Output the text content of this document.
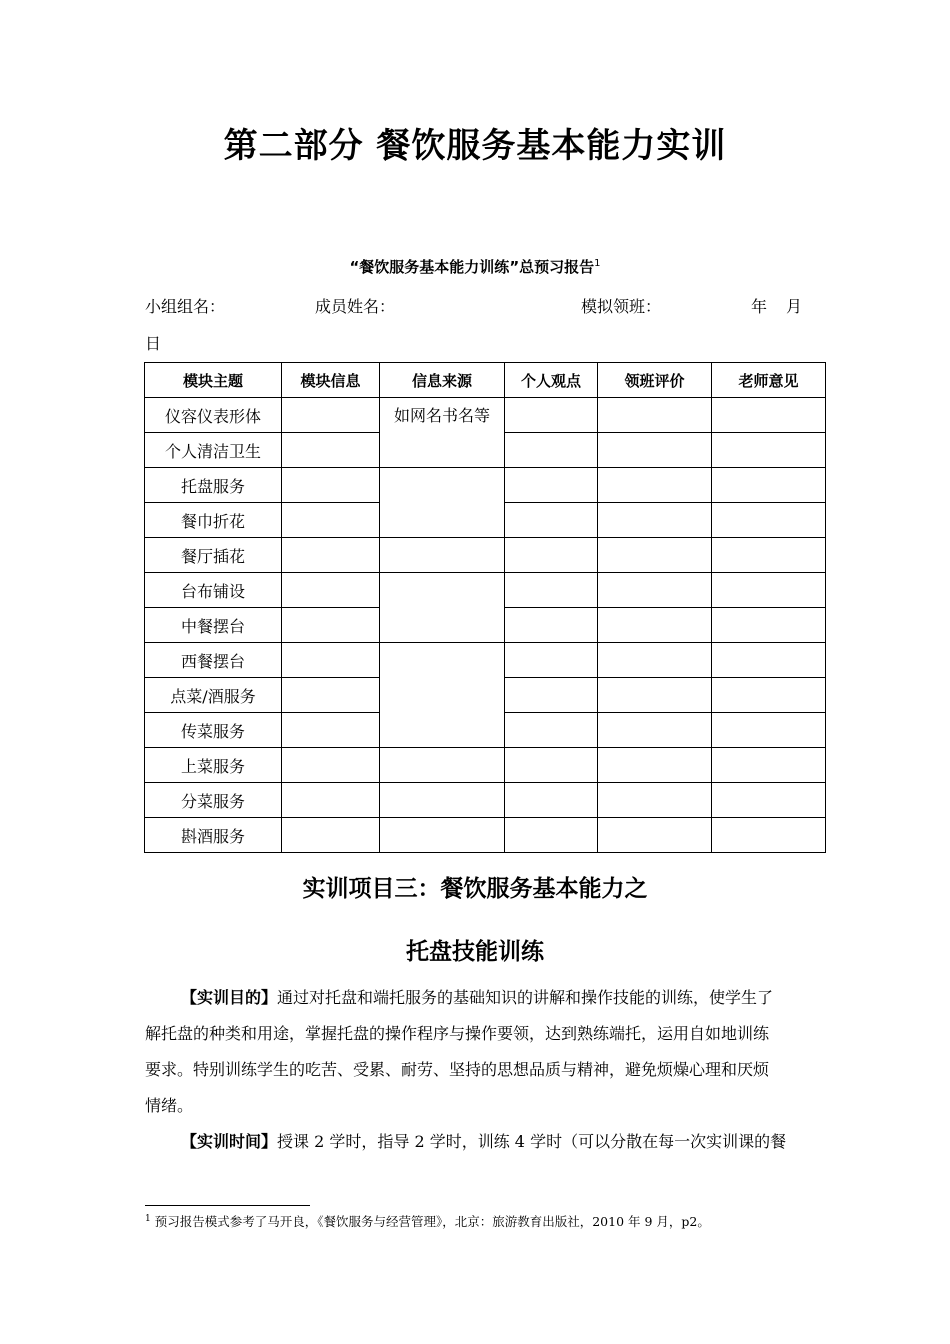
第二部分 餐饮服务基本能力实训
“餐饮服务基本能力训练”总预习报告$^1$
小组组名：	成员姓名：	模拟领班：	年 月
日
模块主题	模块信息	信息来源	个人观点	领班评价	老师意见
仪容仪表形体		如网名书名等			
个人清洁卫生					
托盘服务					
餐巾折花					
餐厅插花					
台布铺设					
中餐摆台					
西餐摆台					
点菜/酒服务					
传菜服务					
上菜服务					
分菜服务					
斟酒服务					
实训项目三：餐饮服务基本能力之
托盘技能训练
【实训目的】通过对托盘和端托服务的基础知识的讲解和操作技能的训练，使学生了
解托盘的种类和用途，掌握托盘的操作程序与操作要领，达到熟练端托，运用自如地训练
要求。特别训练学生的吃苦、受累、耐劳、坚持的思想品质与精神，避免烦燥心理和厌烦
情绪。
【实训时间】授课 2 学时，指导 2 学时，训练 4 学时（可以分散在每一次实训课的餐
$^1$ 预习报告模式参考了马开良，《餐饮服务与经营管理》，北京：旅游教育出版社，2010 年 9 月，p2。
